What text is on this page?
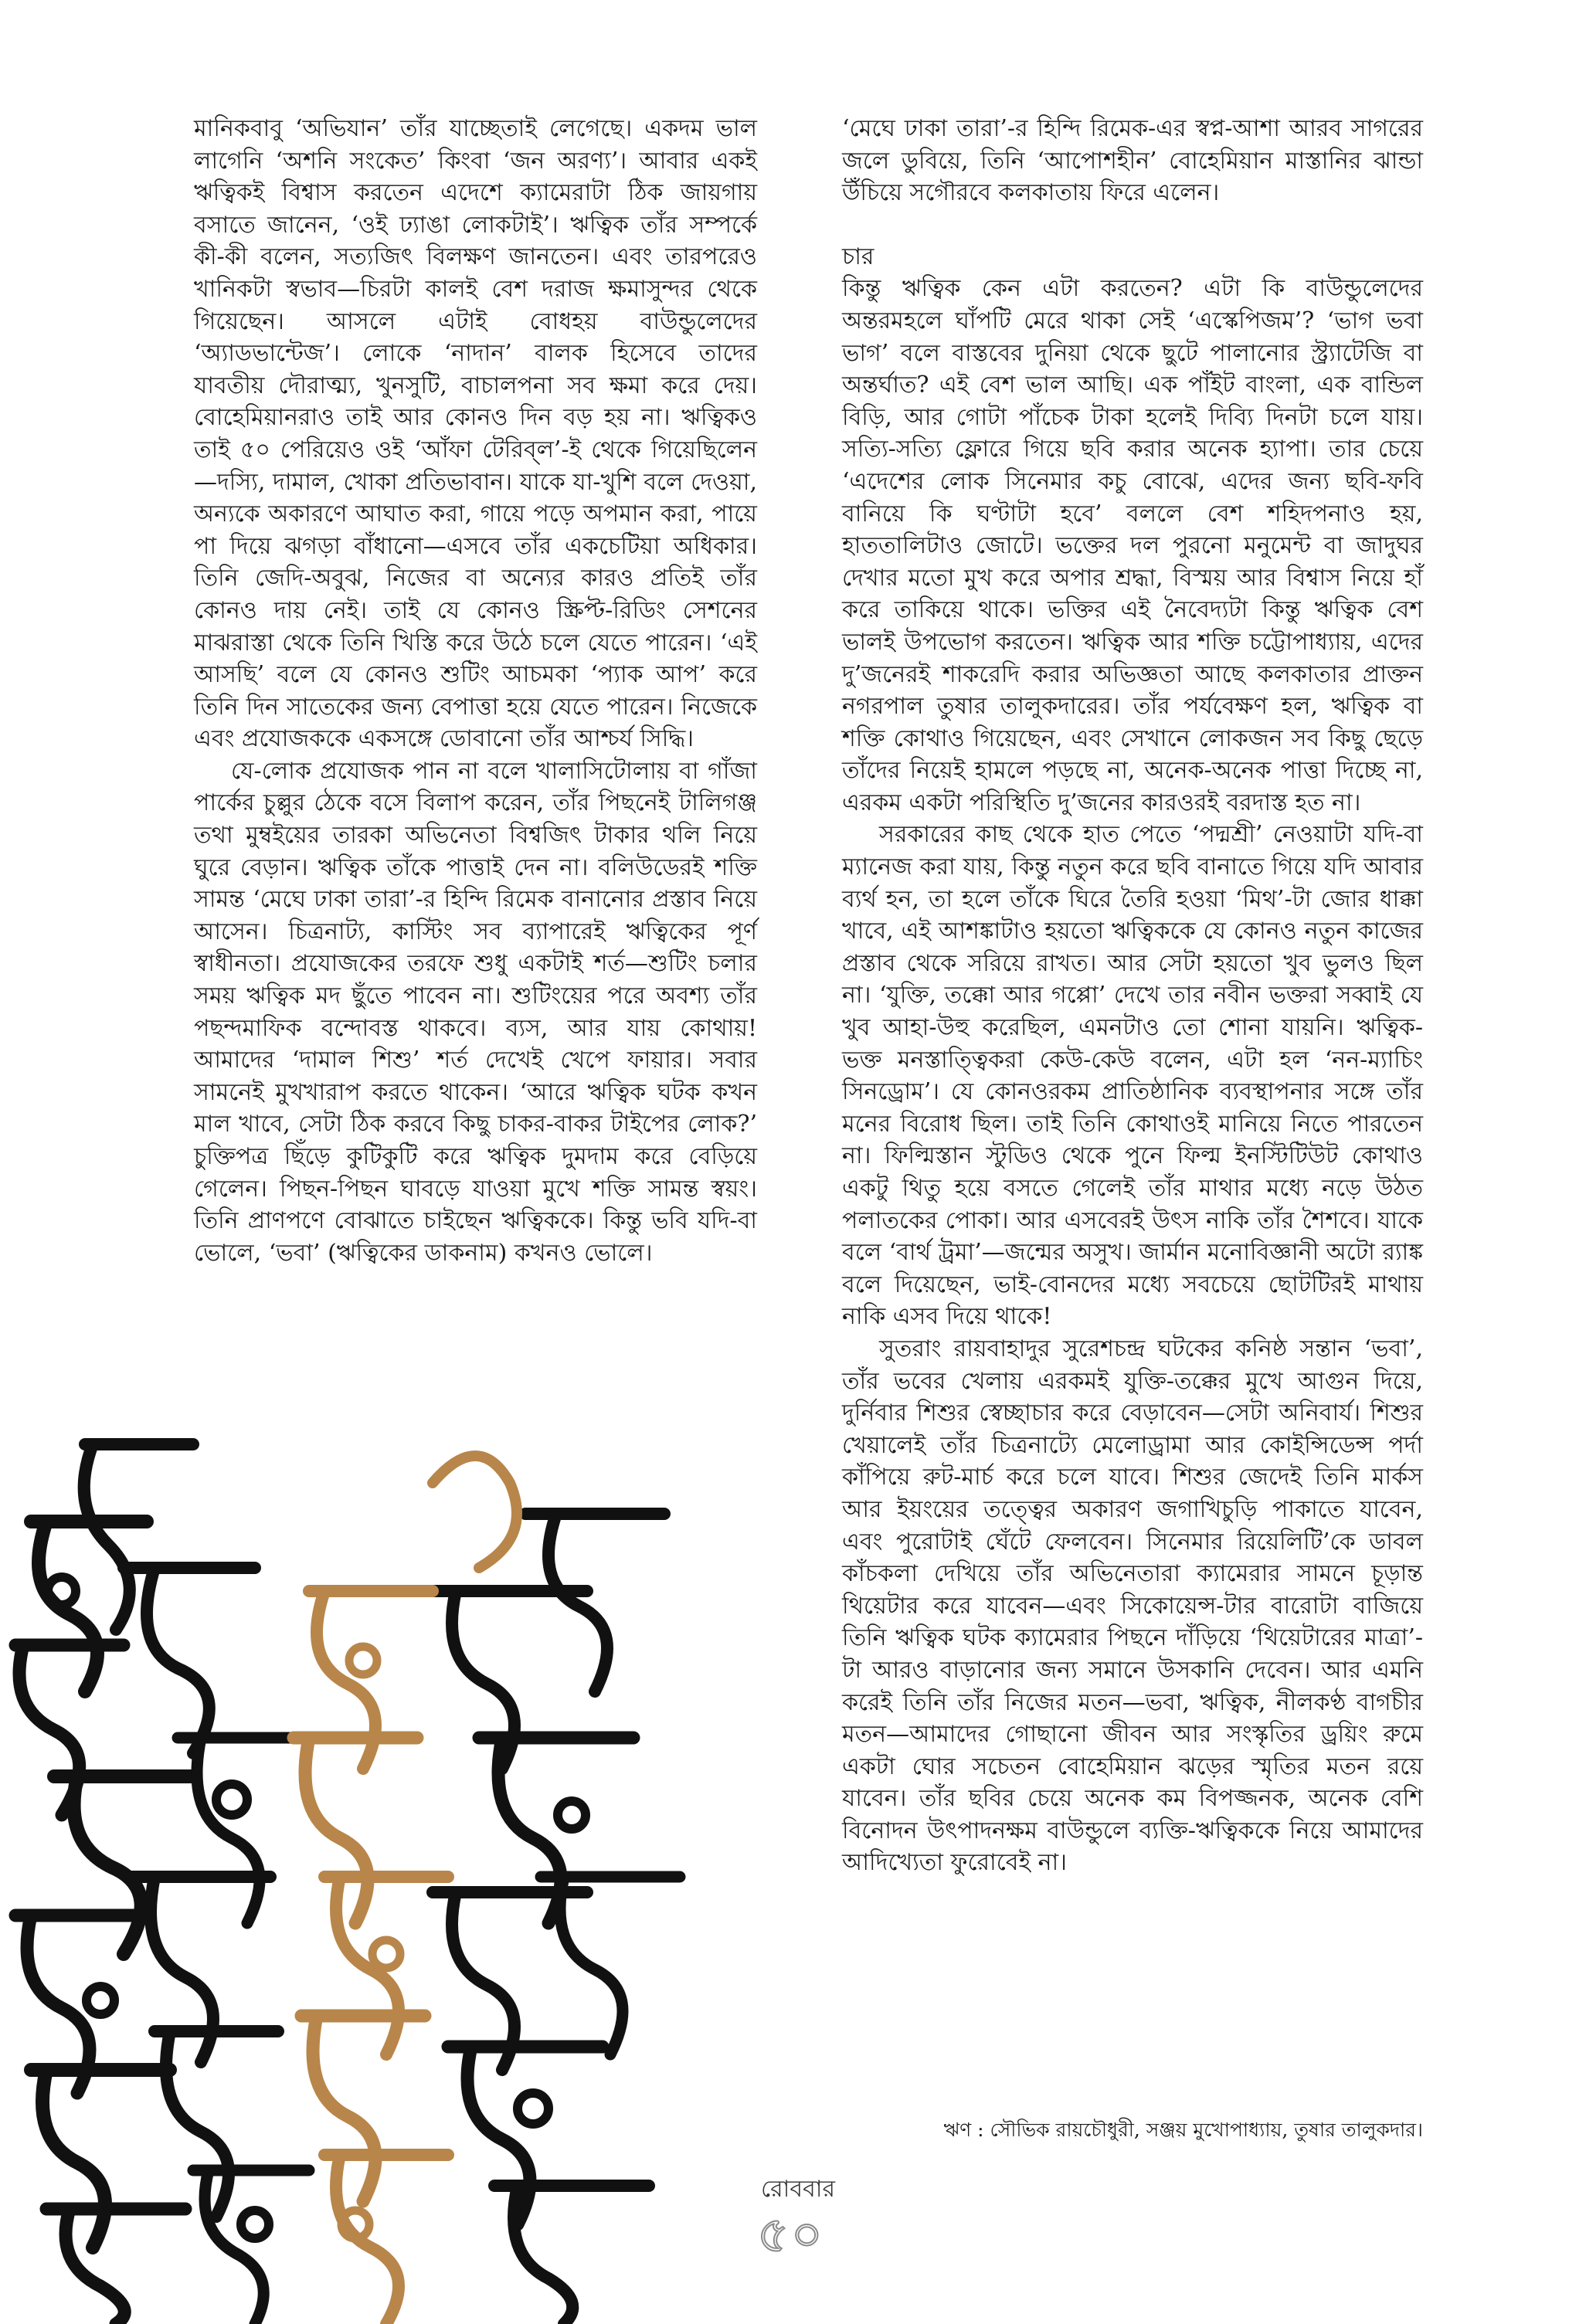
মানিকবাবু ‘অভিযান’ তাঁর যাচ্ছেতাই লেগেছে। একদম ভাল লাগেনি ‘অশনি সংকেত’ কিংবা ‘জন অরণ্য’। আবার একই ঋত্বিকই বিশ্বাস করতেন এদেশে ক্যামেরাটা ঠিক জায়গায় বসাতে জানেন, ‘ওই ঢ্যাঙা লোকটাই’। ঋত্বিক তাঁর সম্পর্কে কী-কী বলেন, সত্যজিৎ বিলক্ষণ জানতেন। এবং তারপরেও খানিকটা স্বভাব—চিরটা কালই বেশ দরাজ ক্ষমাসুন্দর থেকে গিয়েছেন। আসলে এটাই বোধহয় বাউন্ডুলেদের ‘অ্যাডভান্টেজ’। লোকে ‘নাদান’ বালক হিসেবে তাদের যাবতীয় দৌরাত্ম্য, খুনসুটি, বাচালপনা সব ক্ষমা করে দেয়। বোহেমিয়ানরাও তাই আর কোনও দিন বড় হয় না। ঋত্বিকও তাই ৫০ পেরিয়েও ওই ‘আঁফা টেরিব্‌ল’-ই থেকে গিয়েছিলেন—দস্যি, দামাল, খোকা প্রতিভাবান। যাকে যা-খুশি বলে দেওয়া, অন্যকে অকারণে আঘাত করা, গায়ে পড়ে অপমান করা, পায়ে পা দিয়ে ঝগড়া বাঁধানো—এসবে তাঁর একচেটিয়া অধিকার। তিনি জেদি-অবুঝ, নিজের বা অন্যের কারও প্রতিই তাঁর কোনও দায় নেই। তাই যে কোনও স্ক্রিপ্ট-রিডিং সেশনের মাঝরাস্তা থেকে তিনি খিস্তি করে উঠে চলে যেতে পারেন। ‘এই আসছি’ বলে যে কোনও শুটিং আচমকা ‘প্যাক আপ’ করে তিনি দিন সাতেকের জন্য বেপাত্তা হয়ে যেতে পারেন। নিজেকে এবং প্রযোজককে একসঙ্গে ডোবানো তাঁর আশ্চর্য সিদ্ধি।

যে-লোক প্রযোজক পান না বলে খালাসিটোলায় বা গাঁজা পার্কের চুল্লুর ঠেকে বসে বিলাপ করেন, তাঁর পিছনেই টালিগঞ্জ তথা মুম্বইয়ের তারকা অভিনেতা বিশ্বজিৎ টাকার থলি নিয়ে ঘুরে বেড়ান। ঋত্বিক তাঁকে পাত্তাই দেন না। বলিউডেরই শক্তি সামন্ত ‘মেঘে ঢাকা তারা’-র হিন্দি রিমেক বানানোর প্রস্তাব নিয়ে আসেন। চিত্রনাট্য, কাস্টিং সব ব্যাপারেই ঋত্বিকের পূর্ণ স্বাধীনতা। প্রযোজকের তরফে শুধু একটাই শর্ত—শুটিং চলার সময় ঋত্বিক মদ ছুঁতে পাবেন না। শুটিংয়ের পরে অবশ্য তাঁর পছন্দমাফিক বন্দোবস্ত থাকবে। ব্যস, আর যায় কোথায়! আমাদের ‘দামাল শিশু’ শর্ত দেখেই খেপে ফায়ার। সবার সামনেই মুখখারাপ করতে থাকেন। ‘আরে ঋত্বিক ঘটক কখন মাল খাবে, সেটা ঠিক করবে কিছু চাকর-বাকর টাইপের লোক?’ চুক্তিপত্র ছিঁড়ে কুটিকুটি করে ঋত্বিক দুমদাম করে বেড়িয়ে গেলেন। পিছন-পিছন ঘাবড়ে যাওয়া মুখে শক্তি সামন্ত স্বয়ং। তিনি প্রাণপণে বোঝাতে চাইছেন ঋত্বিককে। কিন্তু ভবি যদি-বা ভোলে, ‘ভবা’ (ঋত্বিকের ডাকনাম) কখনও ভোলে।

‘মেঘে ঢাকা তারা’-র হিন্দি রিমেক-এর স্বপ্ন-আশা আরব সাগরের জলে ডুবিয়ে, তিনি ‘আপোশহীন’ বোহেমিয়ান মাস্তানির ঝান্ডা উঁচিয়ে সগৌরবে কলকাতায় ফিরে এলেন।

চার

কিন্তু ঋত্বিক কেন এটা করতেন? এটা কি বাউন্ডুলেদের অন্তরমহলে ঘাঁপটি মেরে থাকা সেই ‘এস্কেপিজম’? ‘ভাগ ভবা ভাগ’ বলে বাস্তবের দুনিয়া থেকে ছুটে পালানোর স্ট্র্যাটেজি বা অন্তর্ঘাত? এই বেশ ভাল আছি। এক পাঁইট বাংলা, এক বান্ডিল বিড়ি, আর গোটা পাঁচেক টাকা হলেই দিব্যি দিনটা চলে যায়। সত্যি-সত্যি ফ্লোরে গিয়ে ছবি করার অনেক হ্যাপা। তার চেয়ে ‘এদেশের লোক সিনেমার কচু বোঝে, এদের জন্য ছবি-ফবি বানিয়ে কি ঘণ্টাটা হবে’ বললে বেশ শহিদপনাও হয়, হাততালিটাও জোটে। ভক্তের দল পুরনো মনুমেন্ট বা জাদুঘর দেখার মতো মুখ করে অপার শ্রদ্ধা, বিস্ময় আর বিশ্বাস নিয়ে হাঁ করে তাকিয়ে থাকে। ভক্তির এই নৈবেদ্যটা কিন্তু ঋত্বিক বেশ ভালই উপভোগ করতেন। ঋত্বিক আর শক্তি চট্টোপাধ্যায়, এদের দু’জনেরই শাকরেদি করার অভিজ্ঞতা আছে কলকাতার প্রাক্তন নগরপাল তুষার তালুকদারের। তাঁর পর্যবেক্ষণ হল, ঋত্বিক বা শক্তি কোথাও গিয়েছেন, এবং সেখানে লোকজন সব কিছু ছেড়ে তাঁদের নিয়েই হামলে পড়ছে না, অনেক-অনেক পাত্তা দিচ্ছে না, এরকম একটা পরিস্থিতি দু’জনের কারওরই বরদাস্ত হত না।

সরকারের কাছ থেকে হাত পেতে ‘পদ্মশ্রী’ নেওয়াটা যদি-বা ম্যানেজ করা যায়, কিন্তু নতুন করে ছবি বানাতে গিয়ে যদি আবার ব্যর্থ হন, তা হলে তাঁকে ঘিরে তৈরি হওয়া ‘মিথ’-টা জোর ধাক্কা খাবে, এই আশঙ্কাটাও হয়তো ঋত্বিককে যে কোনও নতুন কাজের প্রস্তাব থেকে সরিয়ে রাখত। আর সেটা হয়তো খুব ভুলও ছিল না। ‘যুক্তি, তক্কো আর গপ্পো’ দেখে তার নবীন ভক্তরা সব্বাই যে খুব আহা-উহু করেছিল, এমনটাও তো শোনা যায়নি। ঋত্বিক-ভক্ত মনস্তাত্ত্বিকরা কেউ-কেউ বলেন, এটা হল ‘নন-ম্যাচিং সিনড্রোম’। যে কোনওরকম প্রাতিষ্ঠানিক ব্যবস্থাপনার সঙ্গে তাঁর মনের বিরোধ ছিল। তাই তিনি কোথাওই মানিয়ে নিতে পারতেন না। ফিল্মিস্তান স্টুডিও থেকে পুনে ফিল্ম ইনস্টিটিউট কোথাও একটু থিতু হয়ে বসতে গেলেই তাঁর মাথার মধ্যে নড়ে উঠত পলাতকের পোকা। আর এসবেরই উৎস নাকি তাঁর শৈশবে। যাকে বলে ‘বার্থ ট্রমা’—জন্মের অসুখ। জার্মান মনোবিজ্ঞানী অটো র‍্যাঙ্ক বলে দিয়েছেন, ভাই-বোনদের মধ্যে সবচেয়ে ছোটটিরই মাথায় নাকি এসব দিয়ে থাকে!

সুতরাং রায়বাহাদুর সুরেশচন্দ্র ঘটকের কনিষ্ঠ সন্তান ‘ভবা’, তাঁর ভবের খেলায় এরকমই যুক্তি-তক্কের মুখে আগুন দিয়ে, দুর্নিবার শিশুর স্বেচ্ছাচার করে বেড়াবেন—সেটা অনিবার্য। শিশুর খেয়ালেই তাঁর চিত্রনাট্যে মেলোড্রামা আর কোইন্সিডেন্স পর্দা কাঁপিয়ে রুট-মার্চ করে চলে যাবে। শিশুর জেদেই তিনি মার্কস আর ইয়ংয়ের তত্ত্বের অকারণ জগাখিচুড়ি পাকাতে যাবেন, এবং পুরোটাই ঘেঁটে ফেলবেন। সিনেমার রিয়েলিটি’কে ডাবল কাঁচকলা দেখিয়ে তাঁর অভিনেতারা ক্যামেরার সামনে চূড়ান্ত থিয়েটার করে যাবেন—এবং সিকোয়েন্স-টার বারোটা বাজিয়ে তিনি ঋত্বিক ঘটক ক্যামেরার পিছনে দাঁড়িয়ে ‘থিয়েটারের মাত্রা’-টা আরও বাড়ানোর জন্য সমানে উসকানি দেবেন। আর এমনি করেই তিনি তাঁর নিজের মতন—ভবা, ঋত্বিক, নীলকণ্ঠ বাগচীর মতন—আমাদের গোছানো জীবন আর সংস্কৃতির ড্রয়িং রুমে একটা ঘোর সচেতন বোহেমিয়ান ঝড়ের স্মৃতির মতন রয়ে যাবেন। তাঁর ছবির চেয়ে অনেক কম বিপজ্জনক, অনেক বেশি বিনোদন উৎপাদনক্ষম বাউন্ডুলে ব্যক্তি-ঋত্বিককে নিয়ে আমাদের আদিখ্যেতা ফুরোবেই না।

ঋণ : সৌভিক রায়চৌধুরী, সঞ্জয় মুখোপাধ্যায়, তুষার তালুকদার।
রোববার
৫০
